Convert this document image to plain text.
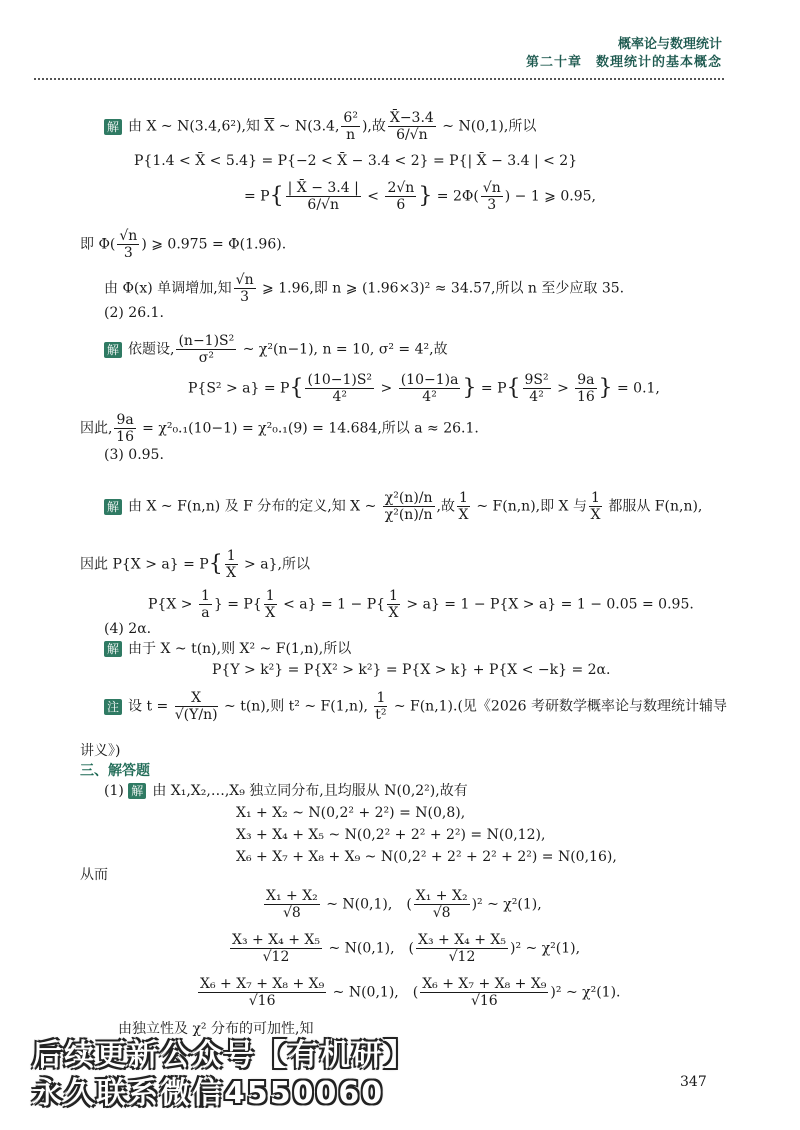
概率论与数理统计
第二十章　数理统计的基本概念
解 由 X ~ N(3.4,6²),知 $\overline{X}$ ~ N(3.4, $\frac{\text{6²}}{n}$ ),故 $\frac{X̄-3.4}{6/√n}$ ~ N(0,1),所以
P{1.4 < X̄ < 5.4} = P{−2 < X̄ − 3.4 < 2} = P{| X̄ − 3.4 | < 2}
= $P\{ \frac{| X̄ - 3.4 |}{6/√n} < \frac{2√n}{6}$ } = $2\Phi( \frac{√n}{3}$ ) − 1 ⩾ 0.95,
即 $\Phi( \frac{√n}{3}$ ) ⩾ 0.975 = Φ(1.96).
由 Φ(x) 单调增加,知 $\frac{√n}{3}$ ⩾ 1.96,即 n ⩾ (1.96×3)² ≈ 34.57,所以 n 至少应取 35.
(2) 26.1.
解 依题设, $\frac{\text{(n−1)S²}}{\text{σ²}}$ ~ χ²(n−1), n = 10, σ² = 4²,故
$P\{S^2 > a\} = P\{ \frac{\text{(10−1)S²}}{\text{4²}} > \frac{(10-1)a}{\text{4²}}$ } = $P\{ \frac{\text{9S²}}{\text{4²}} > \frac{9a}{16}$ } = 0.1,
因此, $\frac{9a}{16} = \chi^2_0._1(10-1) = \chi^2_0._1(9) = 14.684$,所以 a ≈ 26.1.
(3) 0.95.
解 由 X ~ F(n,n) 及 F 分布的定义,知 X ~ $\frac{\text{χ²(n)/n}}{\text{χ²(n)/n}}$ ,故 $\frac{1}{X}$ ~ F(n,n),即 X 与 $\frac{1}{X}$ 都服从 F(n,n),
因此 $P\{X > a\} = P\{ \frac{1}{X} > a\}$,所以
$P\{X > \frac{1}{a}$ } = $P\{ \frac{1}{X} < a\} = 1 - P\{ \frac{1}{X} > a\} = 1 - P\{X > a\} = 1 - 0.05 = 0.95$.
(4) 2α.
解 由于 X ~ t(n),则 X² ~ F(1,n),所以
P{Y > k²} = P{X² > k²} = P{X > k} + P{X < −k} = 2α.
注 设 $t = \frac{X}{√(Y/n)}$ ~ t(n),则 t² ~ F(1,n), $\frac{1}{\text{t²}}$ ~ F(n,1).(见《2026 考研数学概率论与数理统计辅导
讲义》)
三、解答题
(1) 解 由 X₁,X₂,…,X₉ 独立同分布,且均服从 N(0,2²),故有
X₁ + X₂ ~ N(0,2² + 2²) = N(0,8),
X₃ + X₄ + X₅ ~ N(0,2² + 2² + 2²) = N(0,12),
X₆ + X₇ + X₈ + X₉ ~ N(0,2² + 2² + 2² + 2²) = N(0,16),
从而
$\frac{\text{X₁ + X₂}}{√8}$ ~ N(0,1),　( $\frac{\text{X₁ + X₂}}{√8} )^2$ ~ χ²(1),
$\frac{\text{X₃ + X₄ + X₅}}{√12}$ ~ N(0,1),　( $\frac{\text{X₃ + X₄ + X₅}}{√12} )^2$ ~ χ²(1),
$\frac{\text{X₆ + X₇ + X₈ + X₉}}{√16}$ ~ N(0,1),　( $\frac{\text{X₆ + X₇ + X₈ + X₉}}{√16} )^2$ ~ χ²(1).
由独立性及 χ² 分布的可加性,知
后续更新公众号【有机研】
永久联系微信4550060	347
